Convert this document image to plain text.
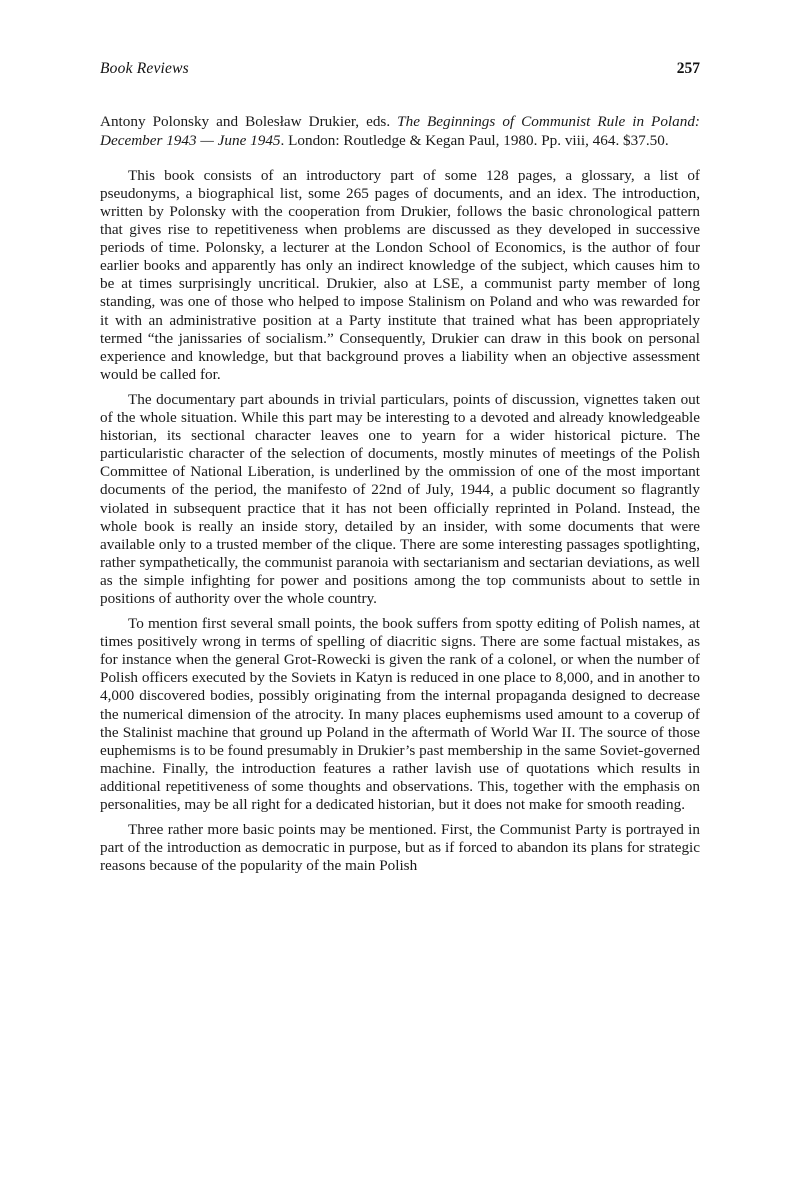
Book Reviews	257

Antony Polonsky and Bolesław Drukier, eds. The Beginnings of Communist Rule in Poland: December 1943 — June 1945. London: Routledge & Kegan Paul, 1980. Pp. viii, 464. $37.50.

This book consists of an introductory part of some 128 pages, a glossary, a list of pseudonyms, a biographical list, some 265 pages of documents, and an idex. The introduction, written by Polonsky with the cooperation from Drukier, follows the basic chronological pattern that gives rise to repetitiveness when problems are discussed as they developed in successive periods of time. Polonsky, a lecturer at the London School of Economics, is the author of four earlier books and apparently has only an indirect knowledge of the subject, which causes him to be at times surprisingly uncritical. Drukier, also at LSE, a communist party member of long standing, was one of those who helped to impose Stalinism on Poland and who was rewarded for it with an administrative position at a Party institute that trained what has been appropriately termed “the janissaries of socialism.” Consequently, Drukier can draw in this book on personal experience and knowledge, but that background proves a liability when an objective assessment would be called for.

The documentary part abounds in trivial particulars, points of discussion, vignettes taken out of the whole situation. While this part may be interesting to a devoted and already knowledgeable historian, its sectional character leaves one to yearn for a wider historical picture. The particularistic character of the selection of documents, mostly minutes of meetings of the Polish Committee of National Liberation, is underlined by the ommission of one of the most important documents of the period, the manifesto of 22nd of July, 1944, a public document so flagrantly violated in subsequent practice that it has not been officially reprinted in Poland. Instead, the whole book is really an inside story, detailed by an insider, with some documents that were available only to a trusted member of the clique. There are some interesting passages spotlighting, rather sympathetically, the communist paranoia with sectarianism and sectarian deviations, as well as the simple infighting for power and positions among the top communists about to settle in positions of authority over the whole country.

To mention first several small points, the book suffers from spotty editing of Polish names, at times positively wrong in terms of spelling of diacritic signs. There are some factual mistakes, as for instance when the general Grot-Rowecki is given the rank of a colonel, or when the number of Polish officers executed by the Soviets in Katyn is reduced in one place to 8,000, and in another to 4,000 discovered bodies, possibly originating from the internal propaganda designed to decrease the numerical dimension of the atrocity. In many places euphemisms used amount to a coverup of the Stalinist machine that ground up Poland in the aftermath of World War II. The source of those euphemisms is to be found presumably in Drukier’s past membership in the same Soviet-governed machine. Finally, the introduction features a rather lavish use of quotations which results in additional repetitiveness of some thoughts and observations. This, together with the emphasis on personalities, may be all right for a dedicated historian, but it does not make for smooth reading.

Three rather more basic points may be mentioned. First, the Communist Party is portrayed in part of the introduction as democratic in purpose, but as if forced to abandon its plans for strategic reasons because of the popularity of the main Polish
